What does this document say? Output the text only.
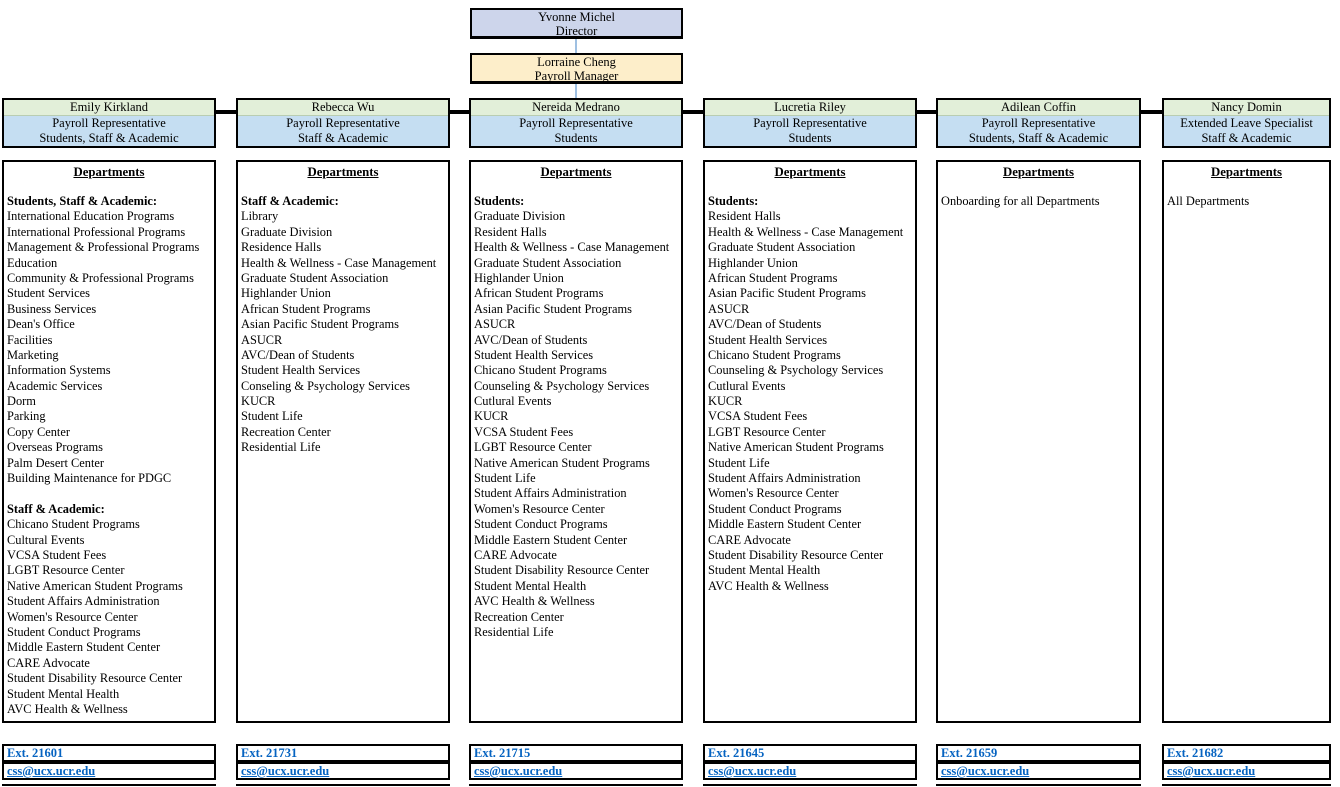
Yvonne Michel
Director
Lorraine Cheng
Payroll Manager
Emily Kirkland
Payroll Representative
Students, Staff & Academic
Departments
Students, Staff & Academic:
International Education Programs
International Professional Programs
Management & Professional Programs
Education
Community & Professional Programs
Student Services
Business Services
Dean's Office
Facilities
Marketing
Information Systems
Academic Services
Dorm
Parking
Copy Center
Overseas Programs
Palm Desert Center
Building Maintenance for PDGC
Staff & Academic:
Chicano Student Programs
Cultural Events
VCSA Student Fees
LGBT Resource Center
Native American Student Programs
Student Affairs Administration
Women's Resource Center
Student Conduct Programs
Middle Eastern Student Center
CARE Advocate
Student Disability Resource Center
Student Mental Health
AVC Health & Wellness
Ext. 21601
css@ucx.ucr.edu
Rebecca Wu
Payroll Representative
Staff & Academic
Departments
Staff & Academic:
Library
Graduate Division
Residence Halls
Health & Wellness - Case Management
Graduate Student Association
Highlander Union
African Student Programs
Asian Pacific Student Programs
ASUCR
AVC/Dean of Students
Student Health Services
Conseling & Psychology Services
KUCR
Student Life
Recreation Center
Residential Life
Ext. 21731
css@ucx.ucr.edu
Nereida Medrano
Payroll Representative
Students
Departments
Students:
Graduate Division
Resident Halls
Health & Wellness - Case Management
Graduate Student Association
Highlander Union
African Student Programs
Asian Pacific Student Programs
ASUCR
AVC/Dean of Students
Student Health Services
Chicano Student Programs
Counseling & Psychology Services
Cutlural Events
KUCR
VCSA Student Fees
LGBT Resource Center
Native American Student Programs
Student Life
Student Affairs Administration
Women's Resource Center
Student Conduct Programs
Middle Eastern Student Center
CARE Advocate
Student Disability Resource Center
Student Mental Health
AVC Health & Wellness
Recreation Center
Residential Life
Ext. 21715
css@ucx.ucr.edu
Lucretia Riley
Payroll Representative
Students
Departments
Students:
Resident Halls
Health & Wellness - Case Management
Graduate Student Association
Highlander Union
African Student Programs
Asian Pacific Student Programs
ASUCR
AVC/Dean of Students
Student Health Services
Chicano Student Programs
Counseling & Psychology Services
Cutlural Events
KUCR
VCSA Student Fees
LGBT Resource Center
Native American Student Programs
Student Life
Student Affairs Administration
Women's Resource Center
Student Conduct Programs
Middle Eastern Student Center
CARE Advocate
Student Disability Resource Center
Student Mental Health
AVC Health & Wellness
Ext. 21645
css@ucx.ucr.edu
Adilean Coffin
Payroll Representative
Students, Staff & Academic
Departments
Onboarding for all Departments
Ext. 21659
css@ucx.ucr.edu
Nancy Domin
Extended Leave Specialist
Staff & Academic
Departments
All Departments
Ext. 21682
css@ucx.ucr.edu
